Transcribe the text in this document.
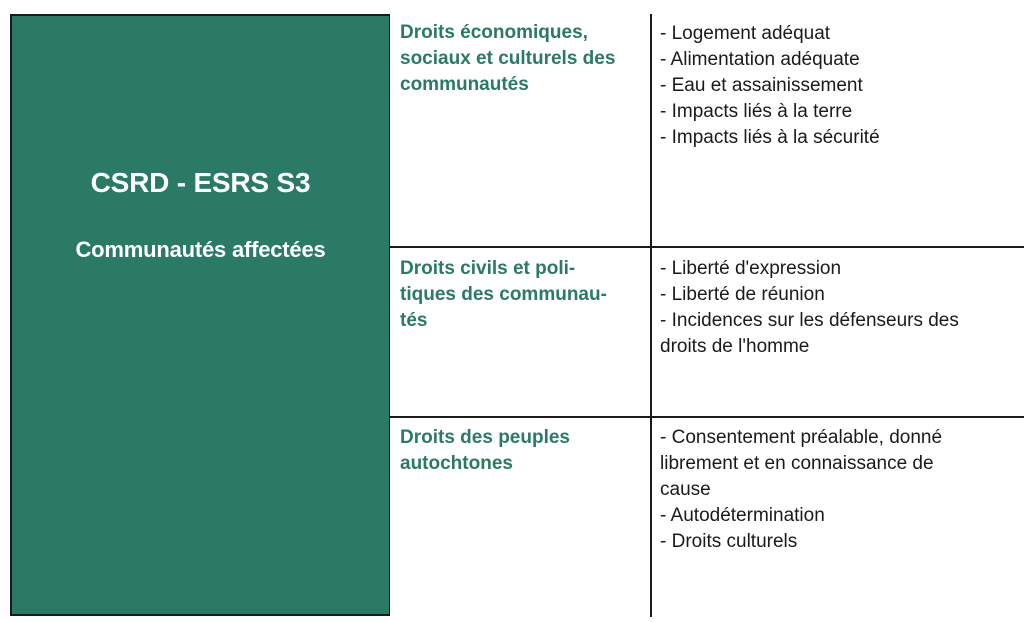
CSRD - ESRS S3
Communautés affectées
Droits économiques,
sociaux et culturels des
communautés
- Logement adéquat
- Alimentation adéquate
- Eau et assainissement
- Impacts liés à la terre
- Impacts liés à la sécurité
Droits civils et poli-
tiques des communau-
tés
- Liberté d'expression
- Liberté de réunion
- Incidences sur les défenseurs des
droits de l'homme
Droits des peuples
autochtones
- Consentement préalable, donné
librement et en connaissance de
cause
- Autodétermination
- Droits culturels
